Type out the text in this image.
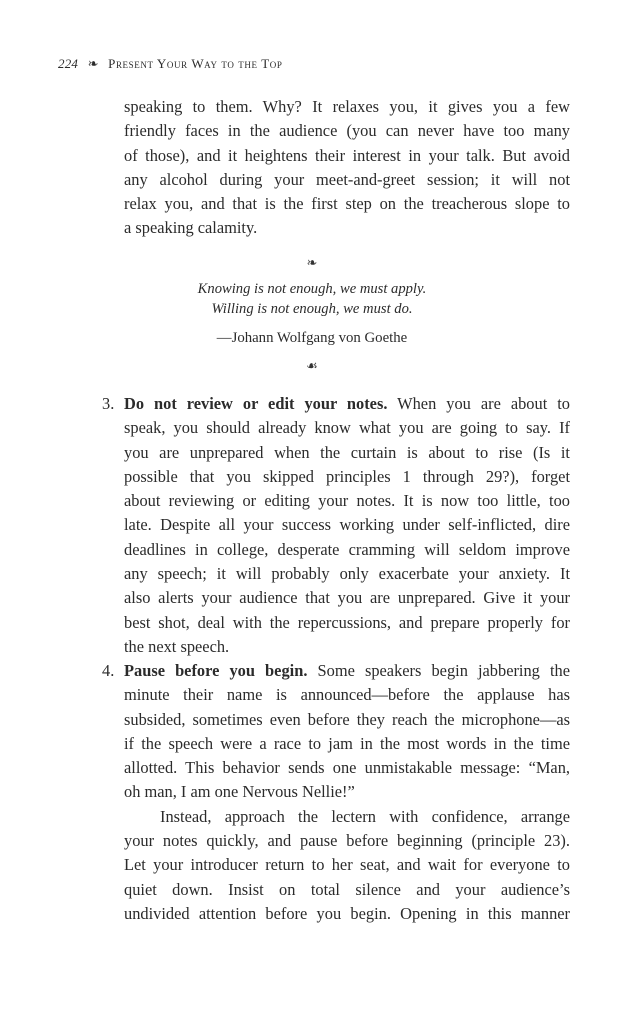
224 ❧ Present Your Way to the Top
speaking to them. Why? It relaxes you, it gives you a few
friendly faces in the audience (you can never have too many
of those), and it heightens their interest in your talk. But avoid
any alcohol during your meet-and-greet session; it will not
relax you, and that is the first step on the treacherous slope to
a speaking calamity.
❧
Knowing is not enough, we must apply.
Willing is not enough, we must do.
—Johann Wolfgang von Goethe
☙
3. Do not review or edit your notes. When you are about to
speak, you should already know what you are going to say. If
you are unprepared when the curtain is about to rise (Is it
possible that you skipped principles 1 through 29?), forget
about reviewing or editing your notes. It is now too little, too
late. Despite all your success working under self-inflicted, dire
deadlines in college, desperate cramming will seldom improve
any speech; it will probably only exacerbate your anxiety. It
also alerts your audience that you are unprepared. Give it your
best shot, deal with the repercussions, and prepare properly for
the next speech.
4. Pause before you begin. Some speakers begin jabbering the
minute their name is announced—before the applause has
subsided, sometimes even before they reach the microphone—as
if the speech were a race to jam in the most words in the time
allotted. This behavior sends one unmistakable message: “Man,
oh man, I am one Nervous Nellie!”
Instead, approach the lectern with confidence, arrange
your notes quickly, and pause before beginning (principle 23).
Let your introducer return to her seat, and wait for everyone to
quiet down. Insist on total silence and your audience’s
undivided attention before you begin. Opening in this manner
